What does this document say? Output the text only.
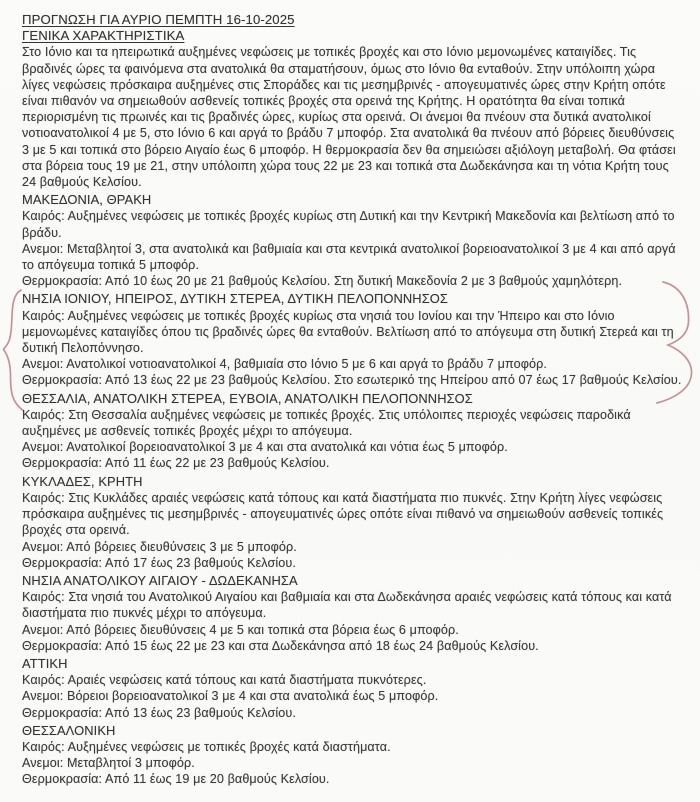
ΠΡΟΓΝΩΣΗ ΓΙΑ ΑΥΡΙΟ ΠΕΜΠΤΗ 16-10-2025
ΓΕΝΙΚΑ ΧΑΡΑΚΤΗΡΙΣΤΙΚΑ
Στο Ιόνιο και τα ηπειρωτικά αυξημένες νεφώσεις με τοπικές βροχές και στο Ιόνιο μεμονωμένες καταιγίδες. Τις βραδινές ώρες τα φαινόμενα στα ανατολικά θα σταματήσουν, όμως στο Ιόνιο θα ενταθούν. Στην υπόλοιπη χώρα λίγες νεφώσεις πρόσκαιρα αυξημένες στις Σποράδες και τις μεσημβρινές - απογευματινές ώρες στην Κρήτη οπότε είναι πιθανόν να σημειωθούν ασθενείς τοπικές βροχές στα ορεινά της Κρήτης. Η ορατότητα θα είναι τοπικά περιορισμένη τις πρωινές και τις βραδινές ώρες, κυρίως στα ορεινά. Οι άνεμοι θα πνέουν στα δυτικά ανατολικοί νοτιοανατολικοί 4 με 5, στο Ιόνιο 6 και αργά το βράδυ 7 μποφόρ. Στα ανατολικά θα πνέουν από βόρειες διευθύνσεις 3 με 5 και τοπικά στο βόρειο Αιγαίο έως 6 μποφόρ. Η θερμοκρασία δεν θα σημειώσει αξιόλογη μεταβολή. Θα φτάσει στα βόρεια τους 19 με 21, στην υπόλοιπη χώρα τους 22 με 23 και τοπικά στα Δωδεκάνησα και τη νότια Κρήτη τους 24 βαθμούς Κελσίου.
ΜΑΚΕΔΟΝΙΑ, ΘΡΑΚΗ
Καιρός: Αυξημένες νεφώσεις με τοπικές βροχές κυρίως στη Δυτική και την Κεντρική Μακεδονία και βελτίωση από το βράδυ.
Ανεμοι: Μεταβλητοί 3, στα ανατολικά και βαθμιαία και στα κεντρικά ανατολικοί βορειοανατολικοί 3 με 4 και από αργά το απόγευμα τοπικά 5 μποφόρ.
Θερμοκρασία: Από 10 έως 20 με 21 βαθμούς Κελσίου. Στη δυτική Μακεδονία 2 με 3 βαθμούς χαμηλότερη.
ΝΗΣΙΑ ΙΟΝΙΟΥ, ΗΠΕΙΡΟΣ, ΔΥΤΙΚΗ ΣΤΕΡΕΑ, ΔΥΤΙΚΗ ΠΕΛΟΠΟΝΝΗΣΟΣ
Καιρός: Αυξημένες νεφώσεις με τοπικές βροχές κυρίως στα νησιά του Ιονίου και την Ήπειρο και στο Ιόνιο μεμονωμένες καταιγίδες όπου τις βραδινές ώρες θα ενταθούν. Βελτίωση από το απόγευμα στη δυτική Στερεά και τη δυτική Πελοπόννησο.
Ανεμοι: Ανατολικοί νοτιοανατολικοί 4, βαθμιαία στο Ιόνιο 5 με 6 και αργά το βράδυ 7 μποφόρ.
Θερμοκρασία: Από 13 έως 22 με 23 βαθμούς Κελσίου. Στο εσωτερικό της Ηπείρου από 07 έως 17 βαθμούς Κελσίου.
ΘΕΣΣΑΛΙΑ, ΑΝΑΤΟΛΙΚΗ ΣΤΕΡΕΑ, ΕΥΒΟΙΑ, ΑΝΑΤΟΛΙΚΗ ΠΕΛΟΠΟΝΝΗΣΟΣ
Καιρός: Στη Θεσσαλία αυξημένες νεφώσεις με τοπικές βροχές. Στις υπόλοιπες περιοχές νεφώσεις παροδικά αυξημένες με ασθενείς τοπικές βροχές μέχρι το απόγευμα.
Ανεμοι: Ανατολικοί βορειοανατολικοί 3 με 4 και στα ανατολικά και νότια έως 5 μποφόρ.
Θερμοκρασία: Από 11 έως 22 με 23 βαθμούς Κελσίου.
ΚΥΚΛΑΔΕΣ, ΚΡΗΤΗ
Καιρός: Στις Κυκλάδες αραιές νεφώσεις κατά τόπους και κατά διαστήματα πιο πυκνές. Στην Κρήτη λίγες νεφώσεις πρόσκαιρα αυξημένες τις μεσημβρινές - απογευματινές ώρες οπότε είναι πιθανό να σημειωθούν ασθενείς τοπικές βροχές στα ορεινά.
Ανεμοι: Από βόρειες διευθύνσεις 3 με 5 μποφόρ.
Θερμοκρασία: Από 17 έως 23 βαθμούς Κελσίου.
ΝΗΣΙΑ ΑΝΑΤΟΛΙΚΟΥ ΑΙΓΑΙΟΥ - ΔΩΔΕΚΑΝΗΣΑ
Καιρός: Στα νησιά του Ανατολικού Αιγαίου και βαθμιαία και στα Δωδεκάνησα αραιές νεφώσεις κατά τόπους και κατά διαστήματα πιο πυκνές μέχρι το απόγευμα.
Ανεμοι: Από βόρειες διευθύνσεις 4 με 5 και τοπικά στα βόρεια έως 6 μποφόρ.
Θερμοκρασία: Από 15 έως 22 με 23 και στα Δωδεκάνησα από 18 έως 24 βαθμούς Κελσίου.
ΑΤΤΙΚΗ
Καιρός: Αραιές νεφώσεις κατά τόπους και κατά διαστήματα πυκνότερες.
Ανεμοι: Βόρειοι βορειοανατολικοί 3 με 4 και στα ανατολικά έως 5 μποφόρ.
Θερμοκρασία: Από 13 έως 23 βαθμούς Κελσίου.
ΘΕΣΣΑΛΟΝΙΚΗ
Καιρός: Αυξημένες νεφώσεις με τοπικές βροχές κατά διαστήματα.
Ανεμοι: Μεταβλητοί 3 μποφόρ.
Θερμοκρασία: Από 11 έως 19 με 20 βαθμούς Κελσίου.
